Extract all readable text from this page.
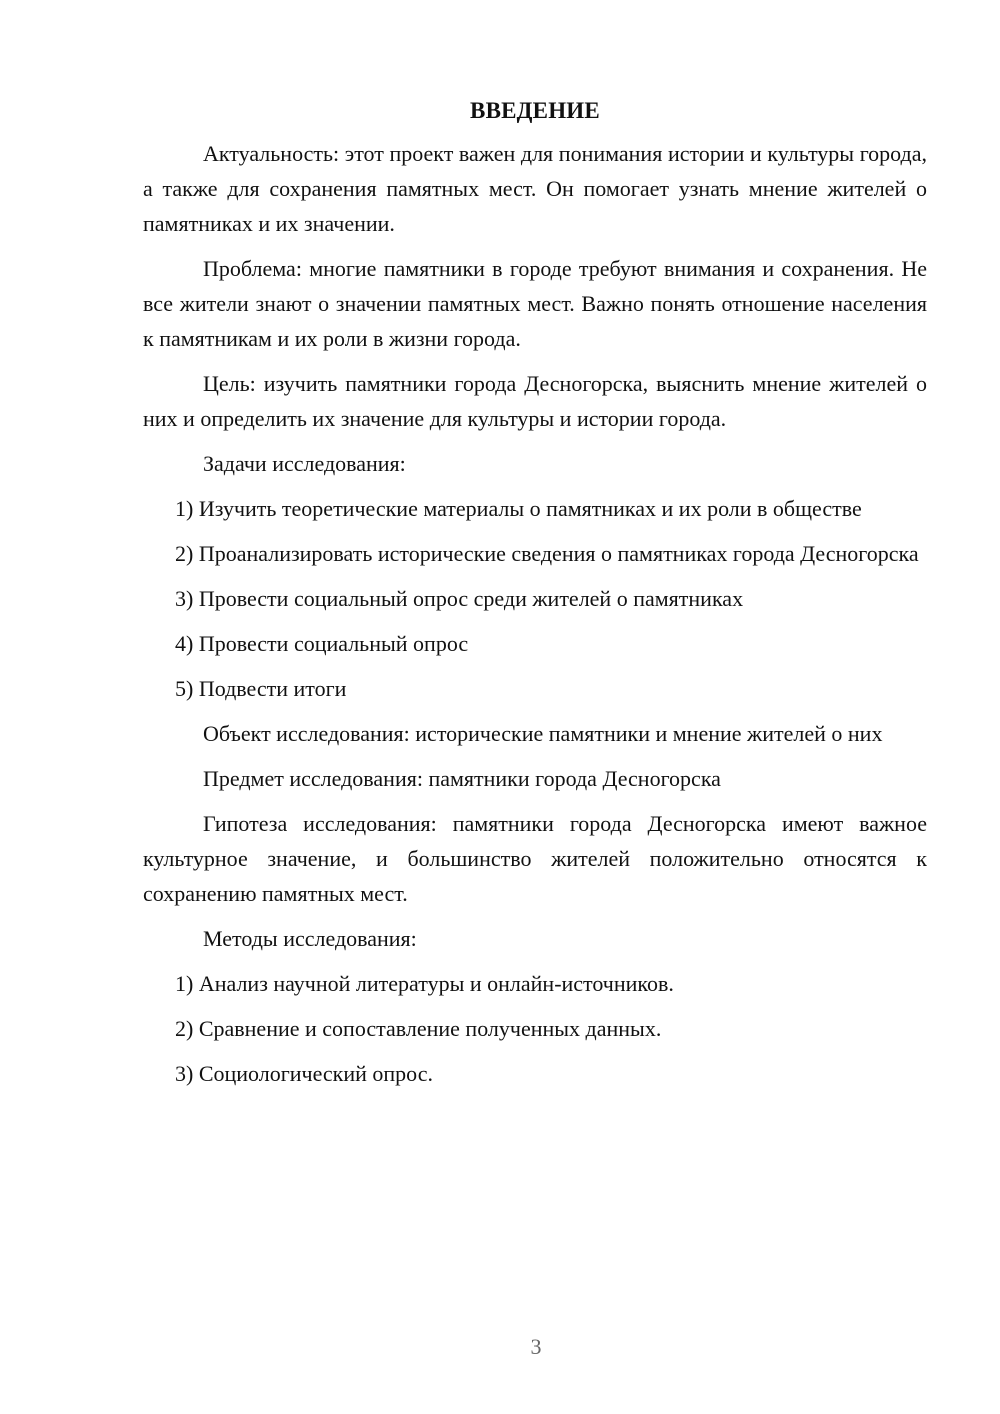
ВВЕДЕНИЕ

Актуальность: этот проект важен для понимания истории и культуры города, а также для сохранения памятных мест. Он помогает узнать мнение жителей о памятниках и их значении.

Проблема: многие памятники в городе требуют внимания и сохранения. Не все жители знают о значении памятных мест. Важно понять отношение населения к памятникам и их роли в жизни города.

Цель: изучить памятники города Десногорска, выяснить мнение жителей о них и определить их значение для культуры и истории города.

Задачи исследования:

1) Изучить теоретические материалы о памятниках и их роли в обществе

2) Проанализировать исторические сведения о памятниках города Десногорска

3) Провести социальный опрос среди жителей о памятниках

4) Провести социальный опрос

5) Подвести итоги

Объект исследования: исторические памятники и мнение жителей о них

Предмет исследования: памятники города Десногорска

Гипотеза исследования: памятники города Десногорска имеют важное культурное значение, и большинство жителей положительно относятся к сохранению памятных мест.

Методы исследования:

1) Анализ научной литературы и онлайн-источников.

2) Сравнение и сопоставление полученных данных.

3) Социологический опрос.

3
